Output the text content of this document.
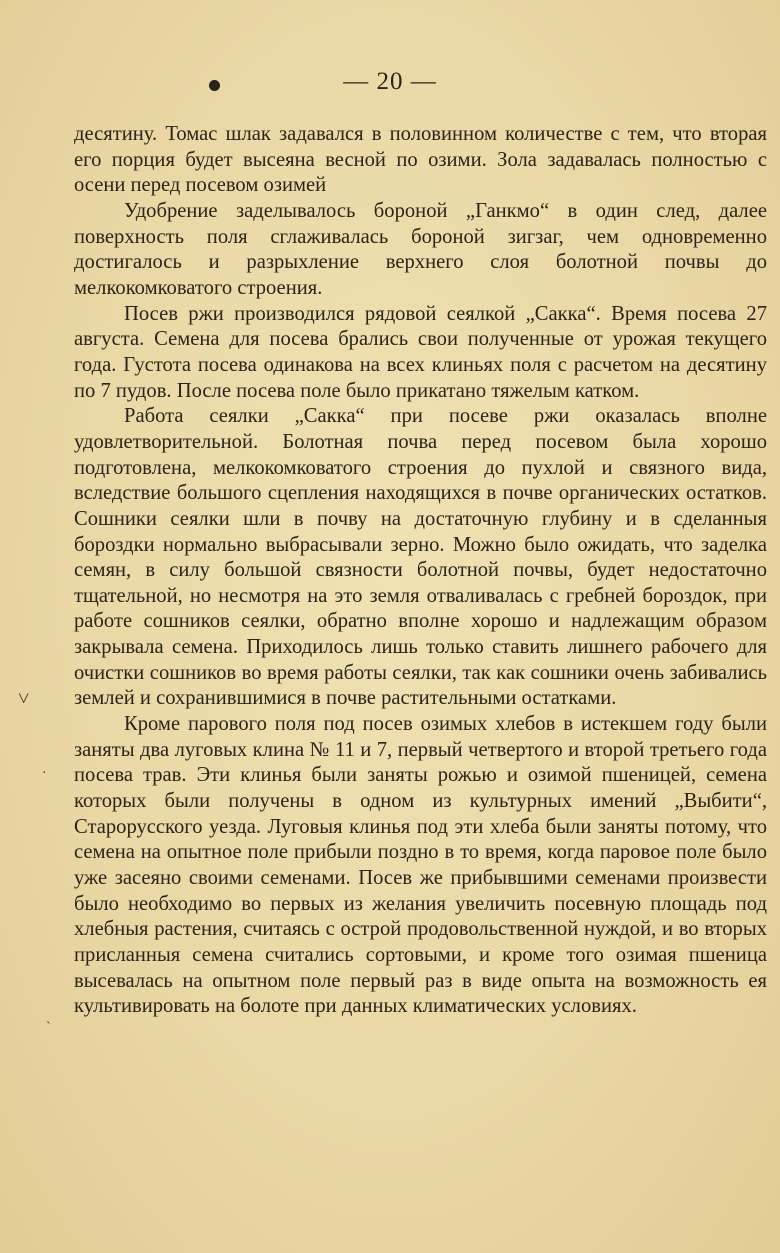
— 20 —

десятину. Томас шлак задавался в половинном количестве с тем, что вторая его порция будет высеяна весной по озими. Зола задавалась полностью с осени перед посевом озимей

Удобрение заделывалось бороной „Ганкмо“ в один след, далее поверхность поля сглаживалась бороной зигзаг, чем одновременно достигалось и разрыхление верхнего слоя болотной почвы до мелкокомковатого строения.

Посев ржи производился рядовой сеялкой „Сакка“. Время посева 27 августа. Семена для посева брались свои полученные от урожая текущего года. Густота посева одинакова на всех клиньях поля с расчетом на десятину по 7 пудов. После посева поле было прикатано тяжелым катком.

Работа сеялки „Сакка“ при посеве ржи оказалась вполне удовлетворительной. Болотная почва перед посевом была хорошо подготовлена, мелкокомковатого строения до пухлой и связного вида, вследствие большого сцепления находящихся в почве органических остатков. Сошники сеялки шли в почву на достаточную глубину и в сделанныя бороздки нормально выбрасывали зерно. Можно было ожидать, что заделка семян, в силу большой связности болотной почвы, будет недостаточно тщательной, но несмотря на это земля отваливалась с гребней бороздок, при работе сошников сеялки, обратно вполне хорошо и надлежащим образом закрывала семена. Приходилось лишь только ставить лишнего рабочего для очистки сошников во время работы сеялки, так как сошники очень забивались землей и сохранившимися в почве растительными остатками.

Кроме парового поля под посев озимых хлебов в истекшем году были заняты два луговых клина № 11 и 7, первый четвертого и второй третьего года посева трав. Эти клинья были заняты рожью и озимой пшеницей, семена которых были получены в одном из культурных имений „Выбити“, Старорусского уезда. Луговыя клинья под эти хлеба были заняты потому, что семена на опытное поле прибыли поздно в то время, когда паровое поле было уже засеяно своими семенами. Посев же прибывшими семенами произвести было необходимо во первых из желания увеличить посевную площадь под хлебныя растения, считаясь с острой продовольственной нуждой, и во вторых присланныя семена считались сортовыми, и кроме того озимая пшеница высевалась на опытном поле первый раз в виде опыта на возможность ея культивировать на болоте при данных климатических условиях.

˅
·
ˋ
